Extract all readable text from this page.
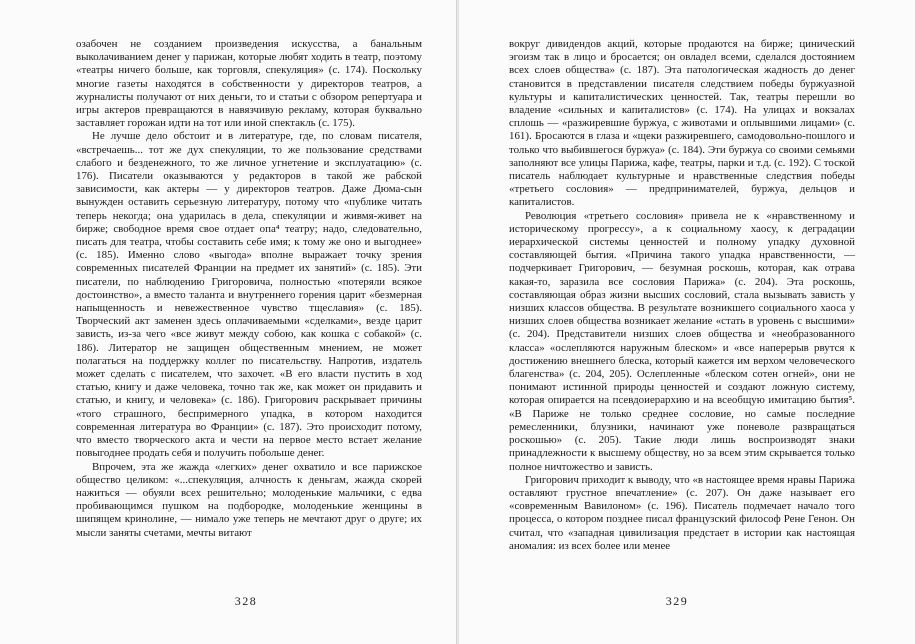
озабочен не созданием произведения искусства, а банальным выколачиванием денег у парижан, которые любят ходить в театр, поэтому «театры ничего больше, как торговля, спекуляция» (с. 174). Поскольку многие газеты находятся в собственности у директоров театров, а журналисты получают от них деньги, то и статьи с обзором репертуара и игры актеров превращаются в навязчивую рекламу, которая буквально заставляет горожан идти на тот или иной спектакль (с. 175).

Не лучше дело обстоит и в литературе, где, по словам писателя, «встречаешь... тот же дух спекуляции, то же пользование средствами слабого и безденежного, то же личное угнетение и эксплуатацию» (с. 176). Писатели оказываются у редакторов в такой же рабской зависимости, как актеры — у директоров театров. Даже Дюма-сын вынужден оставить серьезную литературу, потому что «публике читать теперь некогда; она ударилась в дела, спекуляции и живмя-живет на бирже; свободное время свое отдает опа⁴ театру; надо, следовательно, писать для театра, чтобы составить себе имя; к тому же оно и выгоднее» (с. 185). Именно слово «выгода» вполне выражает точку зрения современных писателей Франции на предмет их занятий» (с. 185). Эти писатели, по наблюдению Григоровича, полностью «потеряли всякое достоинство», а вместо таланта и внутреннего горения царит «безмерная напыщенность и невежественное чувство тщеславия» (с. 185). Творческий акт заменен здесь оплачиваемыми «сделками», везде царит зависть, из-за чего «все живут между собою, как кошка с собакой» (с. 186). Литератор не защищен общественным мнением, не может полагаться на поддержку коллег по писательству. Напротив, издатель может сделать с писателем, что захочет. «В его власти пустить в ход статью, книгу и даже человека, точно так же, как может он придавить и статью, и книгу, и человека» (с. 186). Григорович раскрывает причины «того страшного, беспримерного упадка, в котором находится современная литература во Франции» (с. 187). Это происходит потому, что вместо творческого акта и чести на первое место встает желание повыгоднее продать себя и получить побольше денег.

Впрочем, эта же жажда «легких» денег охватило и все парижское общество целиком: «...спекуляция, алчность к деньгам, жажда скорей нажиться — обуяли всех решительно; молоденькие мальчики, с едва пробивающимся пушком на подбородке, молоденькие женщины в шипящем кринолине, — нимало уже теперь не мечтают друг о друге; их мысли заняты счетами, мечты витают

328

вокруг дивидендов акций, которые продаются на бирже; цинический эгоизм так в лицо и бросается; он овладел всеми, сделался достоянием всех слоев общества» (с. 187). Эта патологическая жадность до денег становится в представлении писателя следствием победы буржуазной культуры и капиталистических ценностей. Так, театры перешли во владение «сильных и капиталистов» (с. 174). На улицах и вокзалах сплошь — «разжиревшие буржуа, с животами и оплывшими лицами» (с. 161). Бросаются в глаза и «щеки разжиревшего, самодовольно-пошлого и только что выбившегося буржуа» (с. 184). Эти буржуа со своими семьями заполняют все улицы Парижа, кафе, театры, парки и т.д. (с. 192). С тоской писатель наблюдает культурные и нравственные следствия победы «третьего сословия» — предпринимателей, буржуа, дельцов и капиталистов.

Революция «третьего сословия» привела не к «нравственному и историческому прогрессу», а к социальному хаосу, к деградации иерархической системы ценностей и полному упадку духовной составляющей бытия. «Причина такого упадка нравственности, — подчеркивает Григорович, — безумная роскошь, которая, как отрава какая-то, заразила все сословия Парижа» (с. 204). Эта роскошь, составляющая образ жизни высших сословий, стала вызывать зависть у низших классов общества. В результате возникшего социального хаоса у низших слоев общества возникает желание «стать в уровень с высшими» (с. 204). Представители низших слоев общества и «необразованного класса» «ослепляются наружным блеском» и «все наперерыв рвутся к достижению внешнего блеска, который кажется им верхом человеческого благенства» (с. 204, 205). Ослепленные «блеском сотен огней», они не понимают истинной природы ценностей и создают ложную систему, которая опирается на псевдоиерархию и на всеобщую имитацию бытия⁵. «В Париже не только среднее сословие, но самые последние ремесленники, блузники, начинают уже поневоле развращаться роскошью» (с. 205). Такие люди лишь воспроизводят знаки принадлежности к высшему обществу, но за всем этим скрывается только полное ничтожество и зависть.

Григорович приходит к выводу, что «в настоящее время нравы Парижа оставляют грустное впечатление» (с. 207). Он даже называет его «современным Вавилоном» (с. 196). Писатель подмечает начало того процесса, о котором позднее писал французский философ Рене Генон. Он считал, что «западная цивилизация предстает в истории как настоящая аномалия: из всех более или менее

329
